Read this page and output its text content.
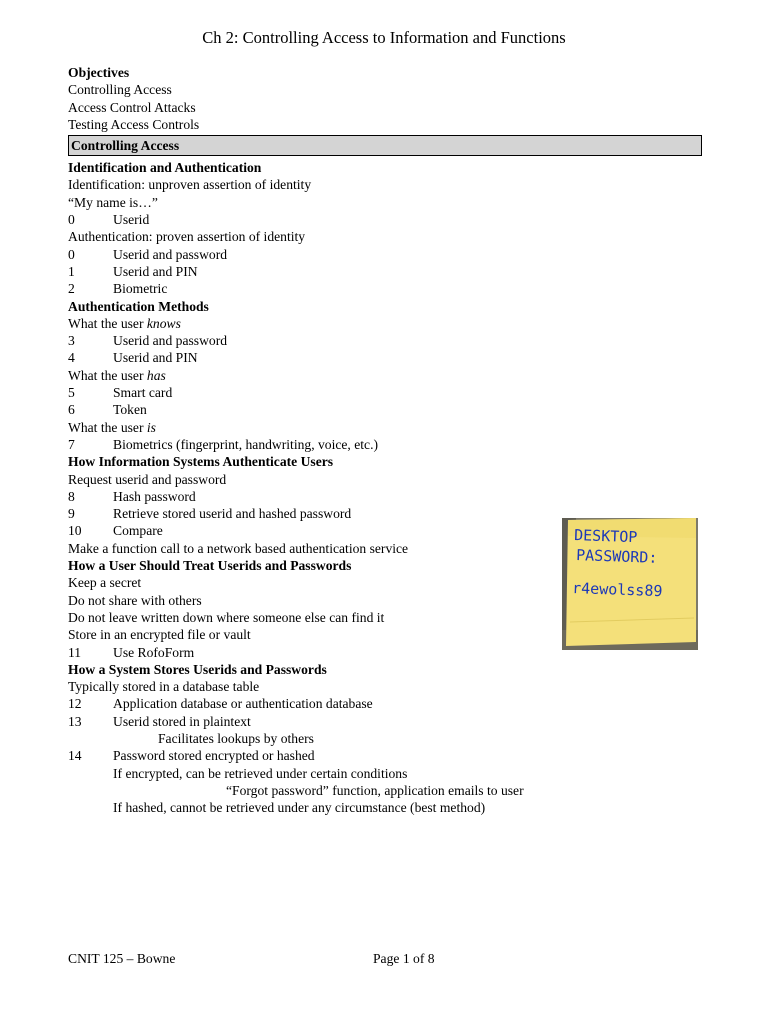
Ch 2: Controlling Access to Information and Functions
Objectives
Controlling Access
Access Control Attacks
Testing Access Controls
Controlling Access
Identification and Authentication
Identification: unproven assertion of identity
“My name is…”
0	Userid
Authentication: proven assertion of identity
0	Userid and password
1	Userid and PIN
2	Biometric
Authentication Methods
What the user knows
3	Userid and password
4	Userid and PIN
What the user has
5	Smart card
6	Token
What the user is
7	Biometrics (fingerprint, handwriting, voice, etc.)
How Information Systems Authenticate Users
Request userid and password
8	Hash password
9	Retrieve stored userid and hashed password
10 Compare
Make a function call to a network based authentication service
How a User Should Treat Userids and Passwords
Keep a secret
Do not share with others
Do not leave written down where someone else can find it
Store in an encrypted file or vault
11 Use RofoForm
How a System Stores Userids and Passwords
Typically stored in a database table
12 Application database or authentication database
13 Userid stored in plaintext
Facilitates lookups by others
14 Password stored encrypted or hashed
If encrypted, can be retrieved under certain conditions
“Forgot password” function, application emails to user
If hashed, cannot be retrieved under any circumstance (best method)
DESKTOP
PASSWORD:
r4ewolss89
CNIT 125 – Bowne	Page 1 of 8
